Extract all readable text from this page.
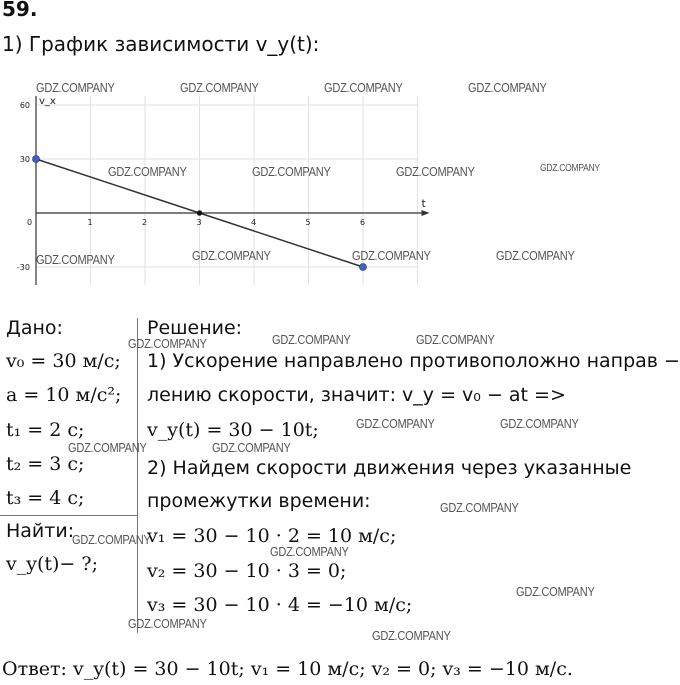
59.
1) График зависимости v_y(t):
t
v_x
0	1	2	3	4	5	6
-30
30
60
Дано:
v₀ = 30 м/с;
a = 10 м/с²;
t₁ = 2 с;
t₂ = 3 с;
t₃ = 4 с;
Найти:
v_y(t)− ?;
Решение:
1) Ускорение направлено противоположно направ −
лению скорости, значит: v_y = v₀ − at =>
v_y(t) = 30 − 10t;
2) Найдем скорости движения через указанные
промежутки времени:
v₁ = 30 − 10 · 2 = 10 м/с;
v₂ = 30 − 10 · 3 = 0;
v₃ = 30 − 10 · 4 = −10 м/с;
Ответ: v_y(t) = 30 − 10t; v₁ = 10 м/с; v₂ = 0; v₃ = −10 м/с.
GDZ.COMPANY	GDZ.COMPANY	GDZ.COMPANY	GDZ.COMPANY
GDZ.COMPANY	GDZ.COMPANY	GDZ.COMPANY	GDZ.COMPANY
GDZ.COMPANY	GDZ.COMPANY	GDZ.COMPANY	GDZ.COMPANY
GDZ.COMPANY	GDZ.COMPANY
GDZ.COMPANY
GDZ.COMPANY	GDZ.COMPANY
GDZ.COMPANY	GDZ.COMPANY
GDZ.COMPANY
GDZ.COMPANY
GDZ.COMPANY
GDZ.COMPANY
GDZ.COMPANY
GDZ.COMPANY
